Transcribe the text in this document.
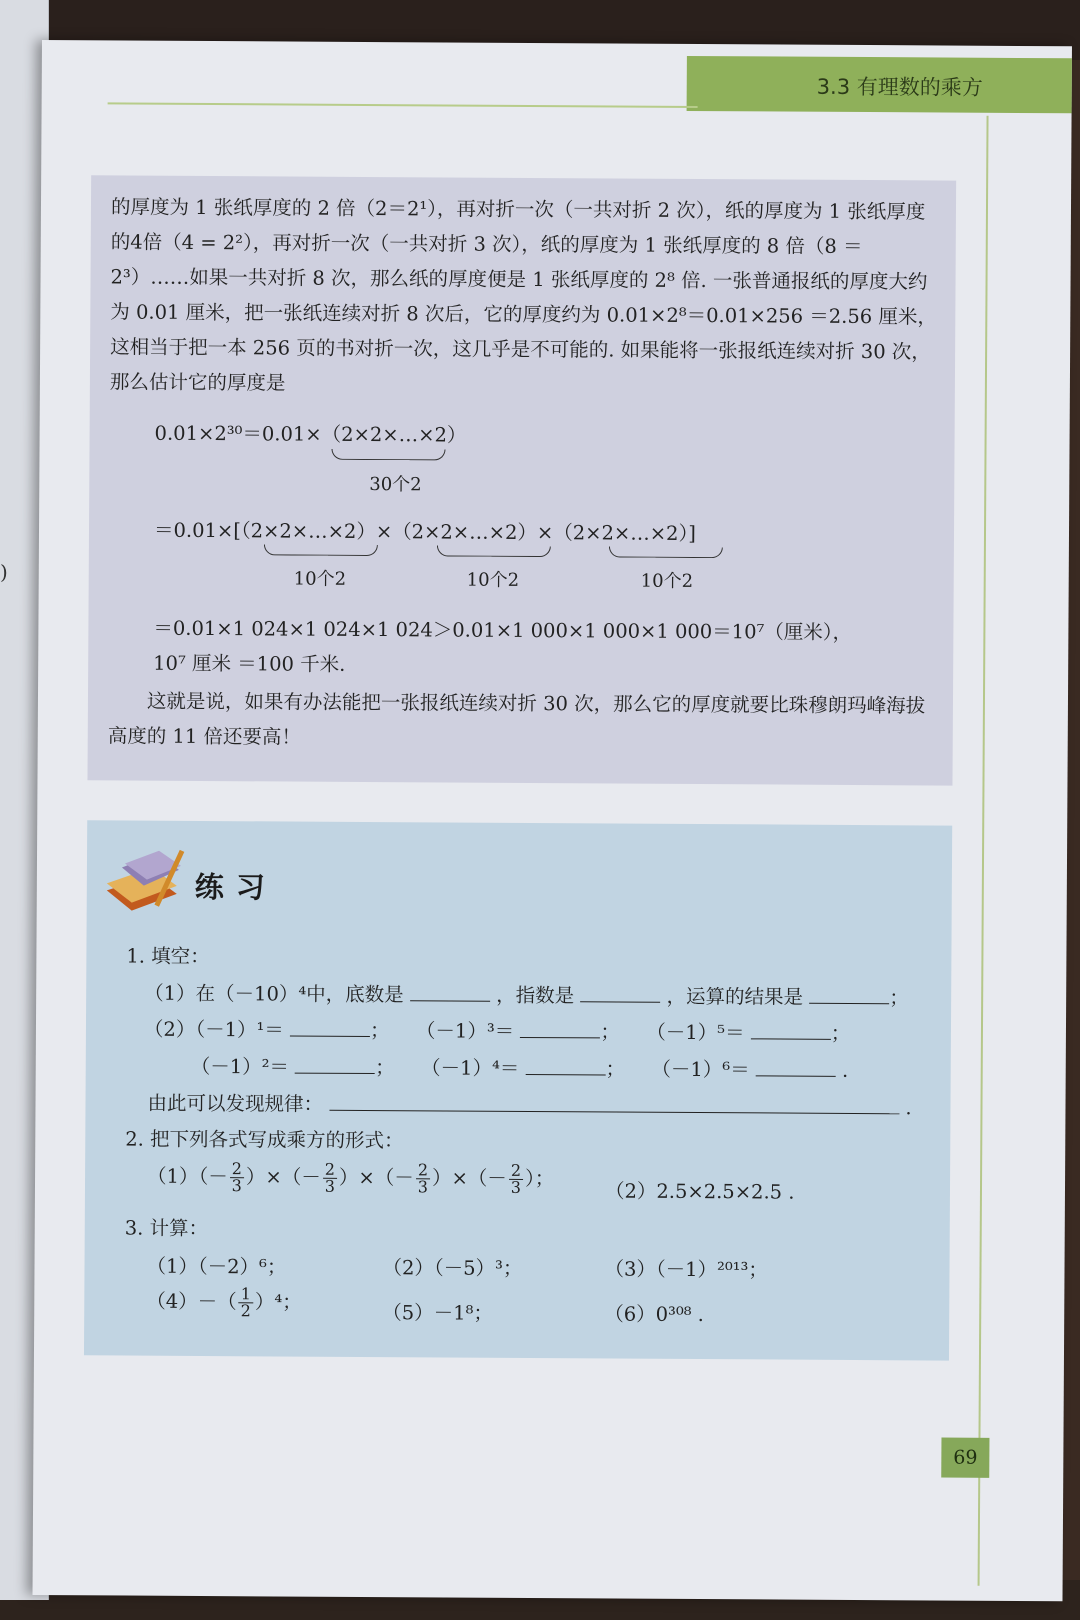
)
3.3 有理数的乘方

的厚度为 1 张纸厚度的 2 倍（2＝2¹），再对折一次（一共对折 2 次），纸的厚度为 1 张纸厚度的4倍（4 = 2²），再对折一次（一共对折 3 次），纸的厚度为 1 张纸厚度的 8 倍（8 ＝2³）……如果一共对折 8 次，那么纸的厚度便是 1 张纸厚度的 2⁸ 倍. 一张普通报纸的厚度大约为 0.01 厘米，把一张纸连续对折 8 次后，它的厚度约为 0.01×2⁸＝0.01×256 ＝2.56 厘米，这相当于把一本 256 页的书对折一次，这几乎是不可能的. 如果能将一张报纸连续对折 30 次，那么估计它的厚度是

0.01×2³⁰＝0.01×（2×2×…×2）
30个2
＝0.01×[（2×2×…×2）×（2×2×…×2）×（2×2×…×2）]
10个2	10个2	10个2
＝0.01×1 024×1 024×1 024＞0.01×1 000×1 000×1 000＝10⁷（厘米），
10⁷ 厘米 ＝100 千米.

这就是说，如果有办法能把一张报纸连续对折 30 次，那么它的厚度就要比珠穆朗玛峰海拔高度的 11 倍还要高！

练习
1. 填空：
（1）在（－10）⁴中，底数是	，指数是	，运算的结果是	；
（2）（－1）¹＝	；  （－1）³＝	；  （－1）⁵＝	；
（－1）²＝	；  （－1）⁴＝	；  （－1）⁶＝	.
由此可以发现规律：	.
2. 把下列各式写成乘方的形式：
$(1)(- \frac{2}{3}$ ）×（－ $\frac{2}{3}$ ）×（－ $\frac{2}{3}$ ）×（－ $\frac{2}{3}$ ）；
（2）2.5×2.5×2.5 .
3. 计算：
（1）（－2）⁶；	（2）（－5）³；	（3）（－1）²⁰¹³；
$(4)-( \frac{1}{2} )^4$；	（5）－1⁸；	（6）0³⁰⁸ .
69
